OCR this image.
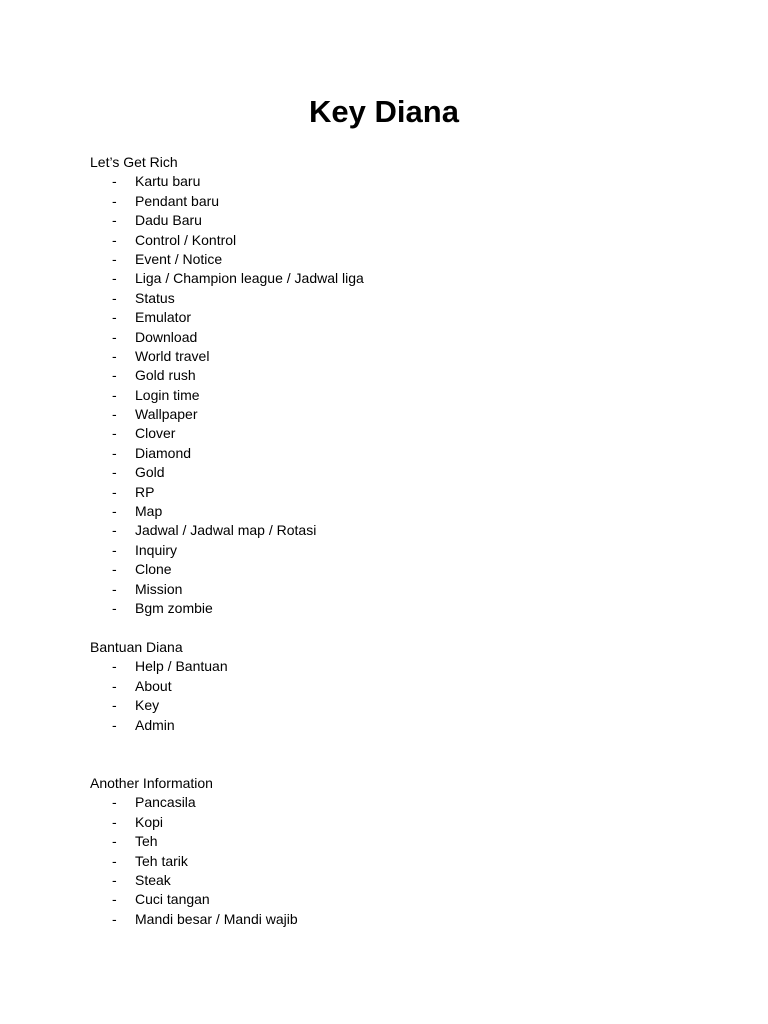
Key Diana

Let’s Get Rich

- Kartu baru
- Pendant baru
- Dadu Baru
- Control / Kontrol
- Event / Notice
- Liga / Champion league / Jadwal liga
- Status
- Emulator
- Download
- World travel
- Gold rush
- Login time
- Wallpaper
- Clover
- Diamond
- Gold
- RP
- Map
- Jadwal / Jadwal map / Rotasi
- Inquiry
- Clone
- Mission
- Bgm zombie

Bantuan Diana

- Help / Bantuan
- About
- Key
- Admin

Another Information

- Pancasila
- Kopi
- Teh
- Teh tarik
- Steak
- Cuci tangan
- Mandi besar / Mandi wajib
